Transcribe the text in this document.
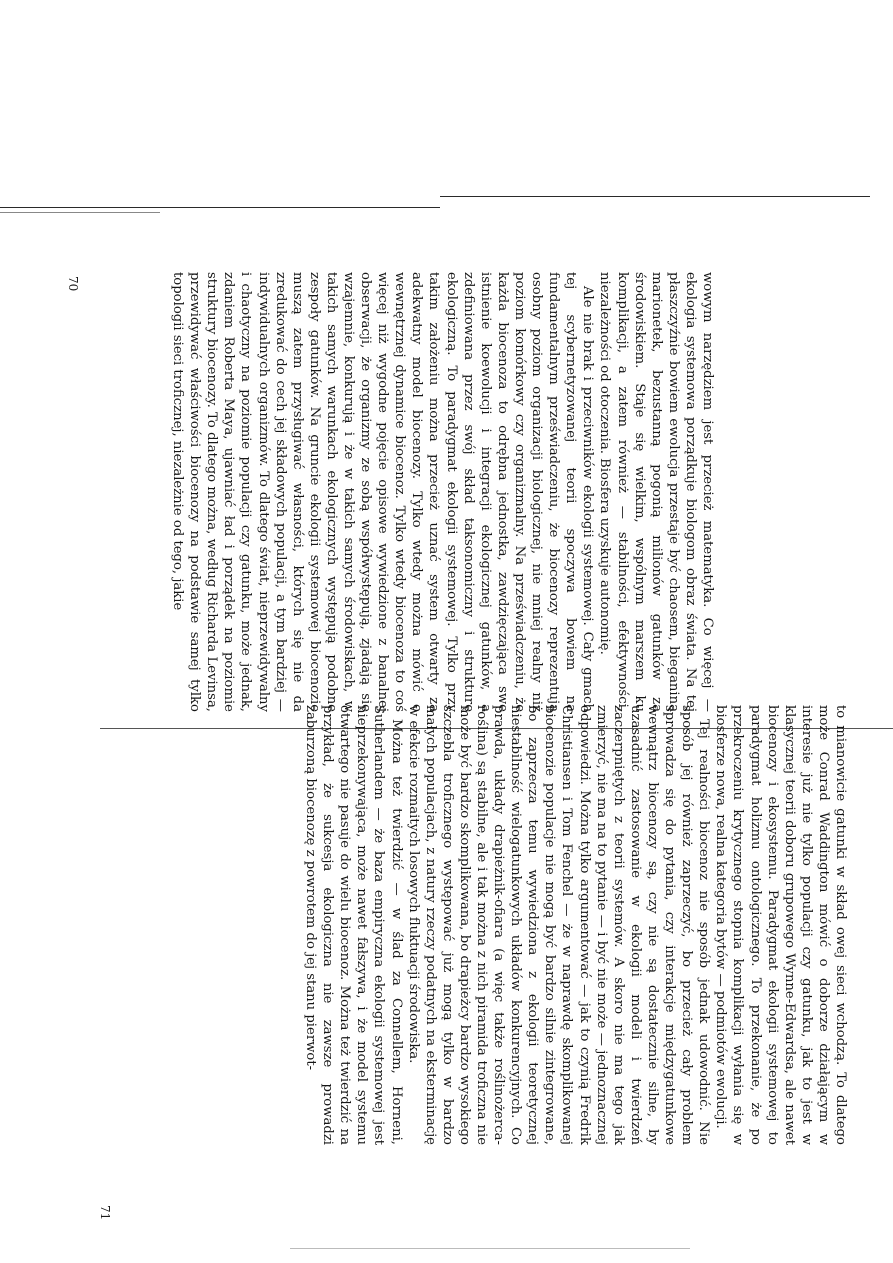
70
71

wowym narzędziem jest przecież matematyka. Co więcej — ekologia systemowa porządkuje biologom obraz świata. Na tej płaszczyźnie bowiem ewolucja przestaje być chaosem, bieganiną marionetek, bezustanną pogonią milionów gatunków za środowiskiem. Staje się wielkim, wspólnym marszem ku komplikacji, a zatem również — stabilności, efektywności, niezależności od otoczenia. Biosfera uzyskuje autonomię.

Ale nie brak i przeciwników ekologii systemowej. Cały gmach tej scybernetyzowanej teorii spoczywa bowiem na fundamentalnym przeświadczeniu, że biocenozy reprezentują osobny poziom organizacji biologicznej, nie mniej realny niż poziom komórkowy czy organizmalny. Na przeświadczeniu, że każda biocenoza to odrębna jednostka, zawdzięczająca swe istnienie koewolucji i integracji ekologicznej gatunków, a zdefiniowana przez swój skład taksonomiczny i strukturę ekologiczną. To paradygmat ekologii systemowej. Tylko przy takim założeniu można przecież uznać system otwarty za adekwatny model biocenozy. Tylko wtedy można mówić o wewnętrznej dynamice biocenoz. Tylko wtedy biocenoza to coś więcej niż wygodne pojęcie opisowe wywiedzione z banalnej obserwacji, że organizmy ze sobą współwystępują, zjadają się wzajemnie, konkurują i że w takich samych środowiskach, w takich samych warunkach ekologicznych występują podobne zespoły gatunków. Na gruncie ekologii systemowej biocenozie muszą zatem przysługiwać własności, których się nie da zredukować do cech jej składowych populacji, a tym bardziej — indywidualnych organizmów. To dlatego świat, nieprzewidywalny i chaotyczny na poziomie populacji czy gatunku, może jednak, zdaniem Roberta Maya, ujawniać ład i porządek na poziomie struktury biocenozy. To dlatego można, według Richarda Levinsa, przewidywać właściwości biocenozy na podstawie samej tylko topologii sieci troficznej, niezależnie od tego, jakie

to mianowicie gatunki w skład owej sieci wchodzą. To dlatego może Conrad Waddington mówić o doborze działającym w interesie już nie tylko populacji czy gatunku, jak to jest w klasycznej teorii doboru grupowego Wynne-Edwardsa, ale nawet biocenozy i ekosystemu. Paradygmat ekologii systemowej to paradygmat holizmu ontologicznego. To przekonanie, że po przekroczeniu krytycznego stopnia komplikacji wyłania się w biosferze nowa, realna kategoria bytów — podmiotów ewolucji.

Tej realności biocenoz nie sposób jednak udowodnić. Nie sposób jej również zaprzeczyć, bo przecież cały problem sprowadza się do pytania, czy interakcje międzygatunkowe wewnątrz biocenozy są, czy nie są dostatecznie silne, by uzasadnić zastosowanie w ekologii modeli i twierdzeń zaczerpniętych z teorii systemów. A skoro nie ma tego jak zmierzyć, nie ma na to pytanie — i być nie może — jednoznacznej odpowiedzi. Można tylko argumentować — jak to czynią Fredrik Christiansen i Tom Fenchel — że w naprawdę skomplikowanej biocenozie populacje nie mogą być bardzo silnie zintegrowane, bo zaprzecza temu wywiedziona z ekologii teoretycznej niestabilność wielogatunkowych układów konkurencyjnych. Co prawda, układy drapieżnik-ofiara (a więc także roślinożerca-roślina) są stabilne, ale i tak można z nich piramida troficzna nie może być bardzo skomplikowana, bo drapieżcy bardzo wysokiego szczebla troficznego występować już mogą tylko w bardzo małych populacjach, z natury rzeczy podatnych na eksterminację w efekcie rozmaitych losowych fluktuacji środowiska.

Można też twierdzić — w ślad za Connellem, Horneni, Sutherlandem — że baza empiryczna ekologii systemowej jest nieprzekonywająca, może nawet fałszywa, i że model systemu otwartego nie pasuje do wielu biocenoz. Można też twierdzić na przykład, że sukcesja ekologiczna nie zawsze prowadzi zaburzoną biocenozę z powrotem do jej stanu pierwot-
